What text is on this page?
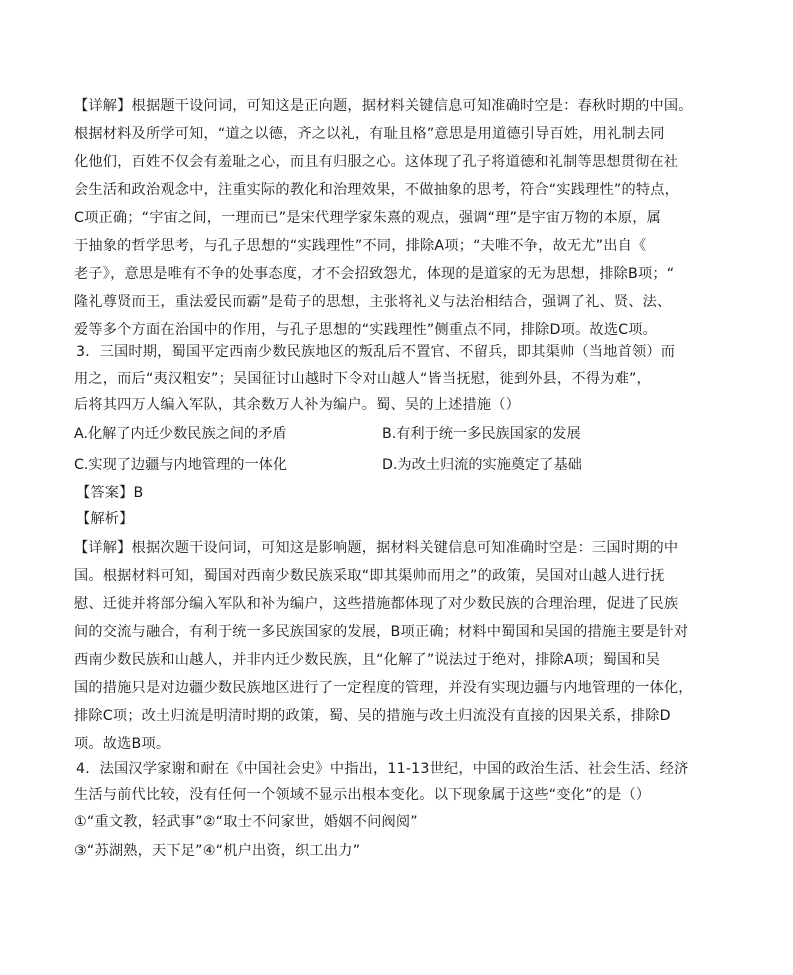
【详解】根据题干设问词，可知这是正向题，据材料关键信息可知准确时空是：春秋时期的中国。
根据材料及所学可知，“道之以德，齐之以礼，有耻且格”意思是用道德引导百姓，用礼制去同
化他们，百姓不仅会有羞耻之心，而且有归服之心。这体现了孔子将道德和礼制等思想贯彻在社
会生活和政治观念中，注重实际的教化和治理效果，不做抽象的思考，符合“实践理性”的特点，
C项正确；“宇宙之间，一理而已”是宋代理学家朱熹的观点，强调“理”是宇宙万物的本原，属
于抽象的哲学思考，与孔子思想的“实践理性”不同，排除A项；“夫唯不争，故无尤”出自《
老子》，意思是唯有不争的处事态度，才不会招致怨尤，体现的是道家的无为思想，排除B项；“
隆礼尊贤而王，重法爱民而霸”是荀子的思想，主张将礼义与法治相结合，强调了礼、贤、法、
爱等多个方面在治国中的作用，与孔子思想的“实践理性”侧重点不同，排除D项。故选C项。
3．三国时期，蜀国平定西南少数民族地区的叛乱后不置官、不留兵，即其渠帅（当地首领）而
用之，而后“夷汉粗安”；吴国征讨山越时下令对山越人“皆当抚慰，徙到外县，不得为难”，
后将其四万人编入军队，其余数万人补为编户。蜀、吴的上述措施（）
A.化解了内迁少数民族之间的矛盾	B.有利于统一多民族国家的发展
C.实现了边疆与内地管理的一体化	D.为改土归流的实施奠定了基础
【答案】B
【解析】
【详解】根据次题干设问词，可知这是影响题，据材料关键信息可知准确时空是：三国时期的中
国。根据材料可知，蜀国对西南少数民族采取“即其渠帅而用之”的政策，吴国对山越人进行抚
慰、迁徙并将部分编入军队和补为编户，这些措施都体现了对少数民族的合理治理，促进了民族
间的交流与融合，有利于统一多民族国家的发展，B项正确；材料中蜀国和吴国的措施主要是针对
西南少数民族和山越人，并非内迁少数民族，且“化解了”说法过于绝对，排除A项；蜀国和吴
国的措施只是对边疆少数民族地区进行了一定程度的管理，并没有实现边疆与内地管理的一体化，
排除C项；改土归流是明清时期的政策，蜀、吴的措施与改土归流没有直接的因果关系，排除D
项。故选B项。
4．法国汉学家谢和耐在《中国社会史》中指出，11-13世纪，中国的政治生活、社会生活、经济
生活与前代比较，没有任何一个领域不显示出根本变化。以下现象属于这些“变化”的是（）
①“重文教，轻武事”②“取士不问家世，婚姻不问阀阅”
③“苏湖熟，天下足”④“机户出资，织工出力”
